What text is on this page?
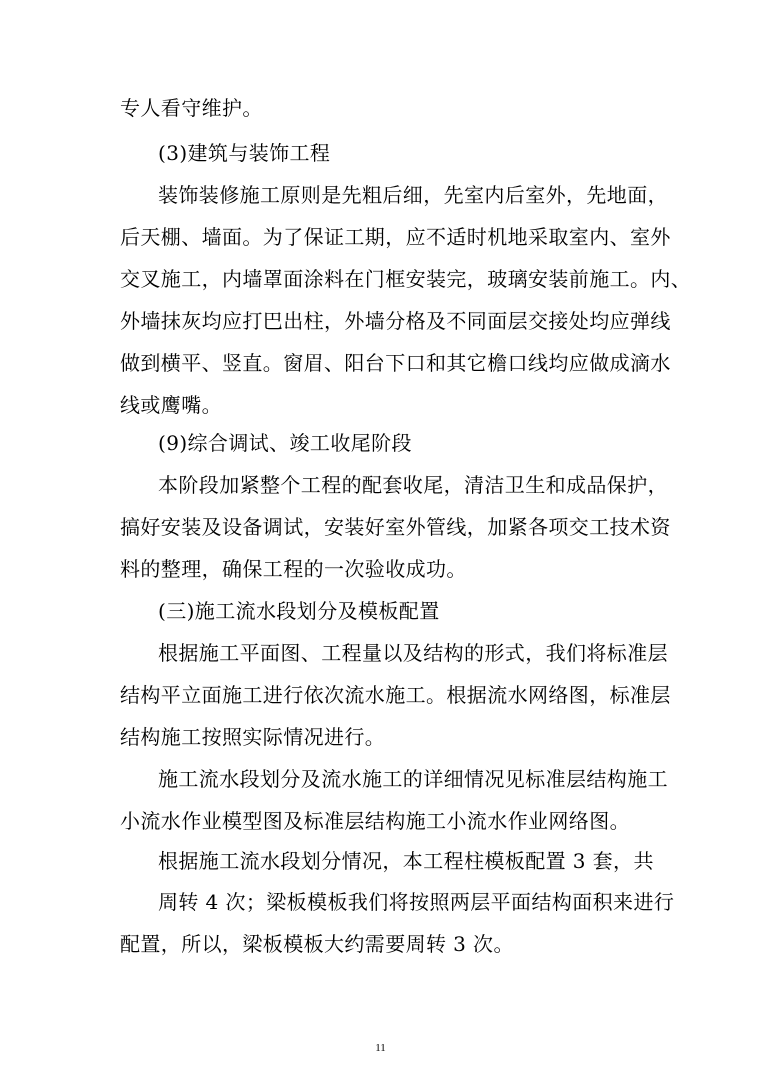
专人看守维护。
(3)建筑与装饰工程
装饰装修施工原则是先粗后细，先室内后室外，先地面，
后天棚、墙面。为了保证工期，应不适时机地采取室内、室外
交叉施工，内墙罩面涂料在门框安装完，玻璃安装前施工。内、
外墙抹灰均应打巴出柱，外墙分格及不同面层交接处均应弹线
做到横平、竖直。窗眉、阳台下口和其它檐口线均应做成滴水
线或鹰嘴。
(9)综合调试、竣工收尾阶段
本阶段加紧整个工程的配套收尾，清洁卫生和成品保护，
搞好安装及设备调试，安装好室外管线，加紧各项交工技术资
料的整理，确保工程的一次验收成功。
(三)施工流水段划分及模板配置
根据施工平面图、工程量以及结构的形式，我们将标准层
结构平立面施工进行依次流水施工。根据流水网络图，标准层
结构施工按照实际情况进行。
施工流水段划分及流水施工的详细情况见标准层结构施工
小流水作业模型图及标准层结构施工小流水作业网络图。
根据施工流水段划分情况，本工程柱模板配置 3 套，共
周转 4 次；梁板模板我们将按照两层平面结构面积来进行
配置，所以，梁板模板大约需要周转 3 次。
11
